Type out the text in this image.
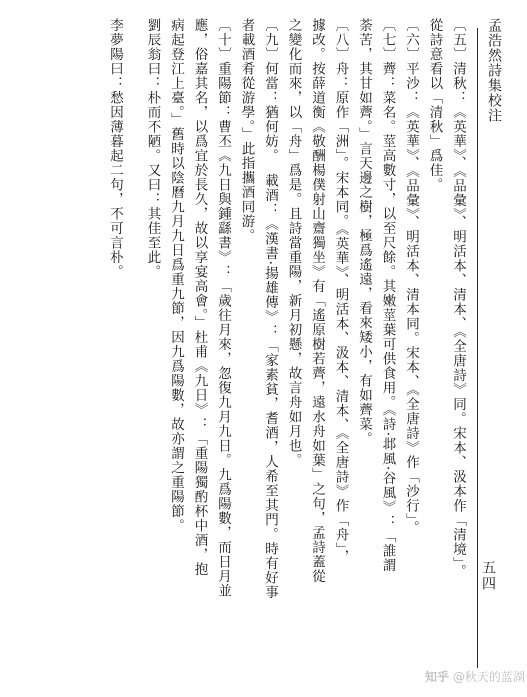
孟浩然詩集校注
五四

〔五〕清秋：《英華》、《品彙》、明活本、清本、《全唐詩》同。宋本、汲本作「清境」。

從詩意看以「清秋」爲佳。

〔六〕平沙：《英華》、《品彙》、明活本、清本同。宋本、《全唐詩》作「沙行」。

〔七〕薺：菜名。莖高數寸，以至尺餘。其嫩莖葉可供食用。《詩·邶風·谷風》：「誰謂

荼苦，其甘如薺。」言天邊之樹，極爲遙遠，看來矮小，有如薺菜。

〔八〕舟：原作「洲」。宋本同。《英華》、明活本、汲本、清本、《全唐詩》作「舟」，

據改。按薛道衡《敬酬楊僕射山齋獨坐》有「遙原樹若薺，遠水舟如葉」之句，孟詩蓋從

之變化而來，以「舟」爲是。且詩當重陽，新月初懸，故言舟如月也。

〔九〕何當：猶何妨。  載酒：《漢書·揚雄傳》：「家素貧，耆酒，人希至其門。時有好事

者載酒肴從游學。」此指攜酒同游。

〔十〕重陽節：曹丕《九日與鍾繇書》：「歲往月來，忽復九月九日。九爲陽數，而日月並

應，俗嘉其名，以爲宜於長久，故以享宴高會。」杜甫《九日》：「重陽獨酌杯中酒，抱

病起登江上臺。」舊時以陰曆九月九日爲重九節，因九爲陽數，故亦謂之重陽節。

劉辰翁曰：朴而不陋。又曰：其佳至此。

李夢陽曰：愁因薄暮起二句，不可言朴。

知乎 @秋天的蓝湖
